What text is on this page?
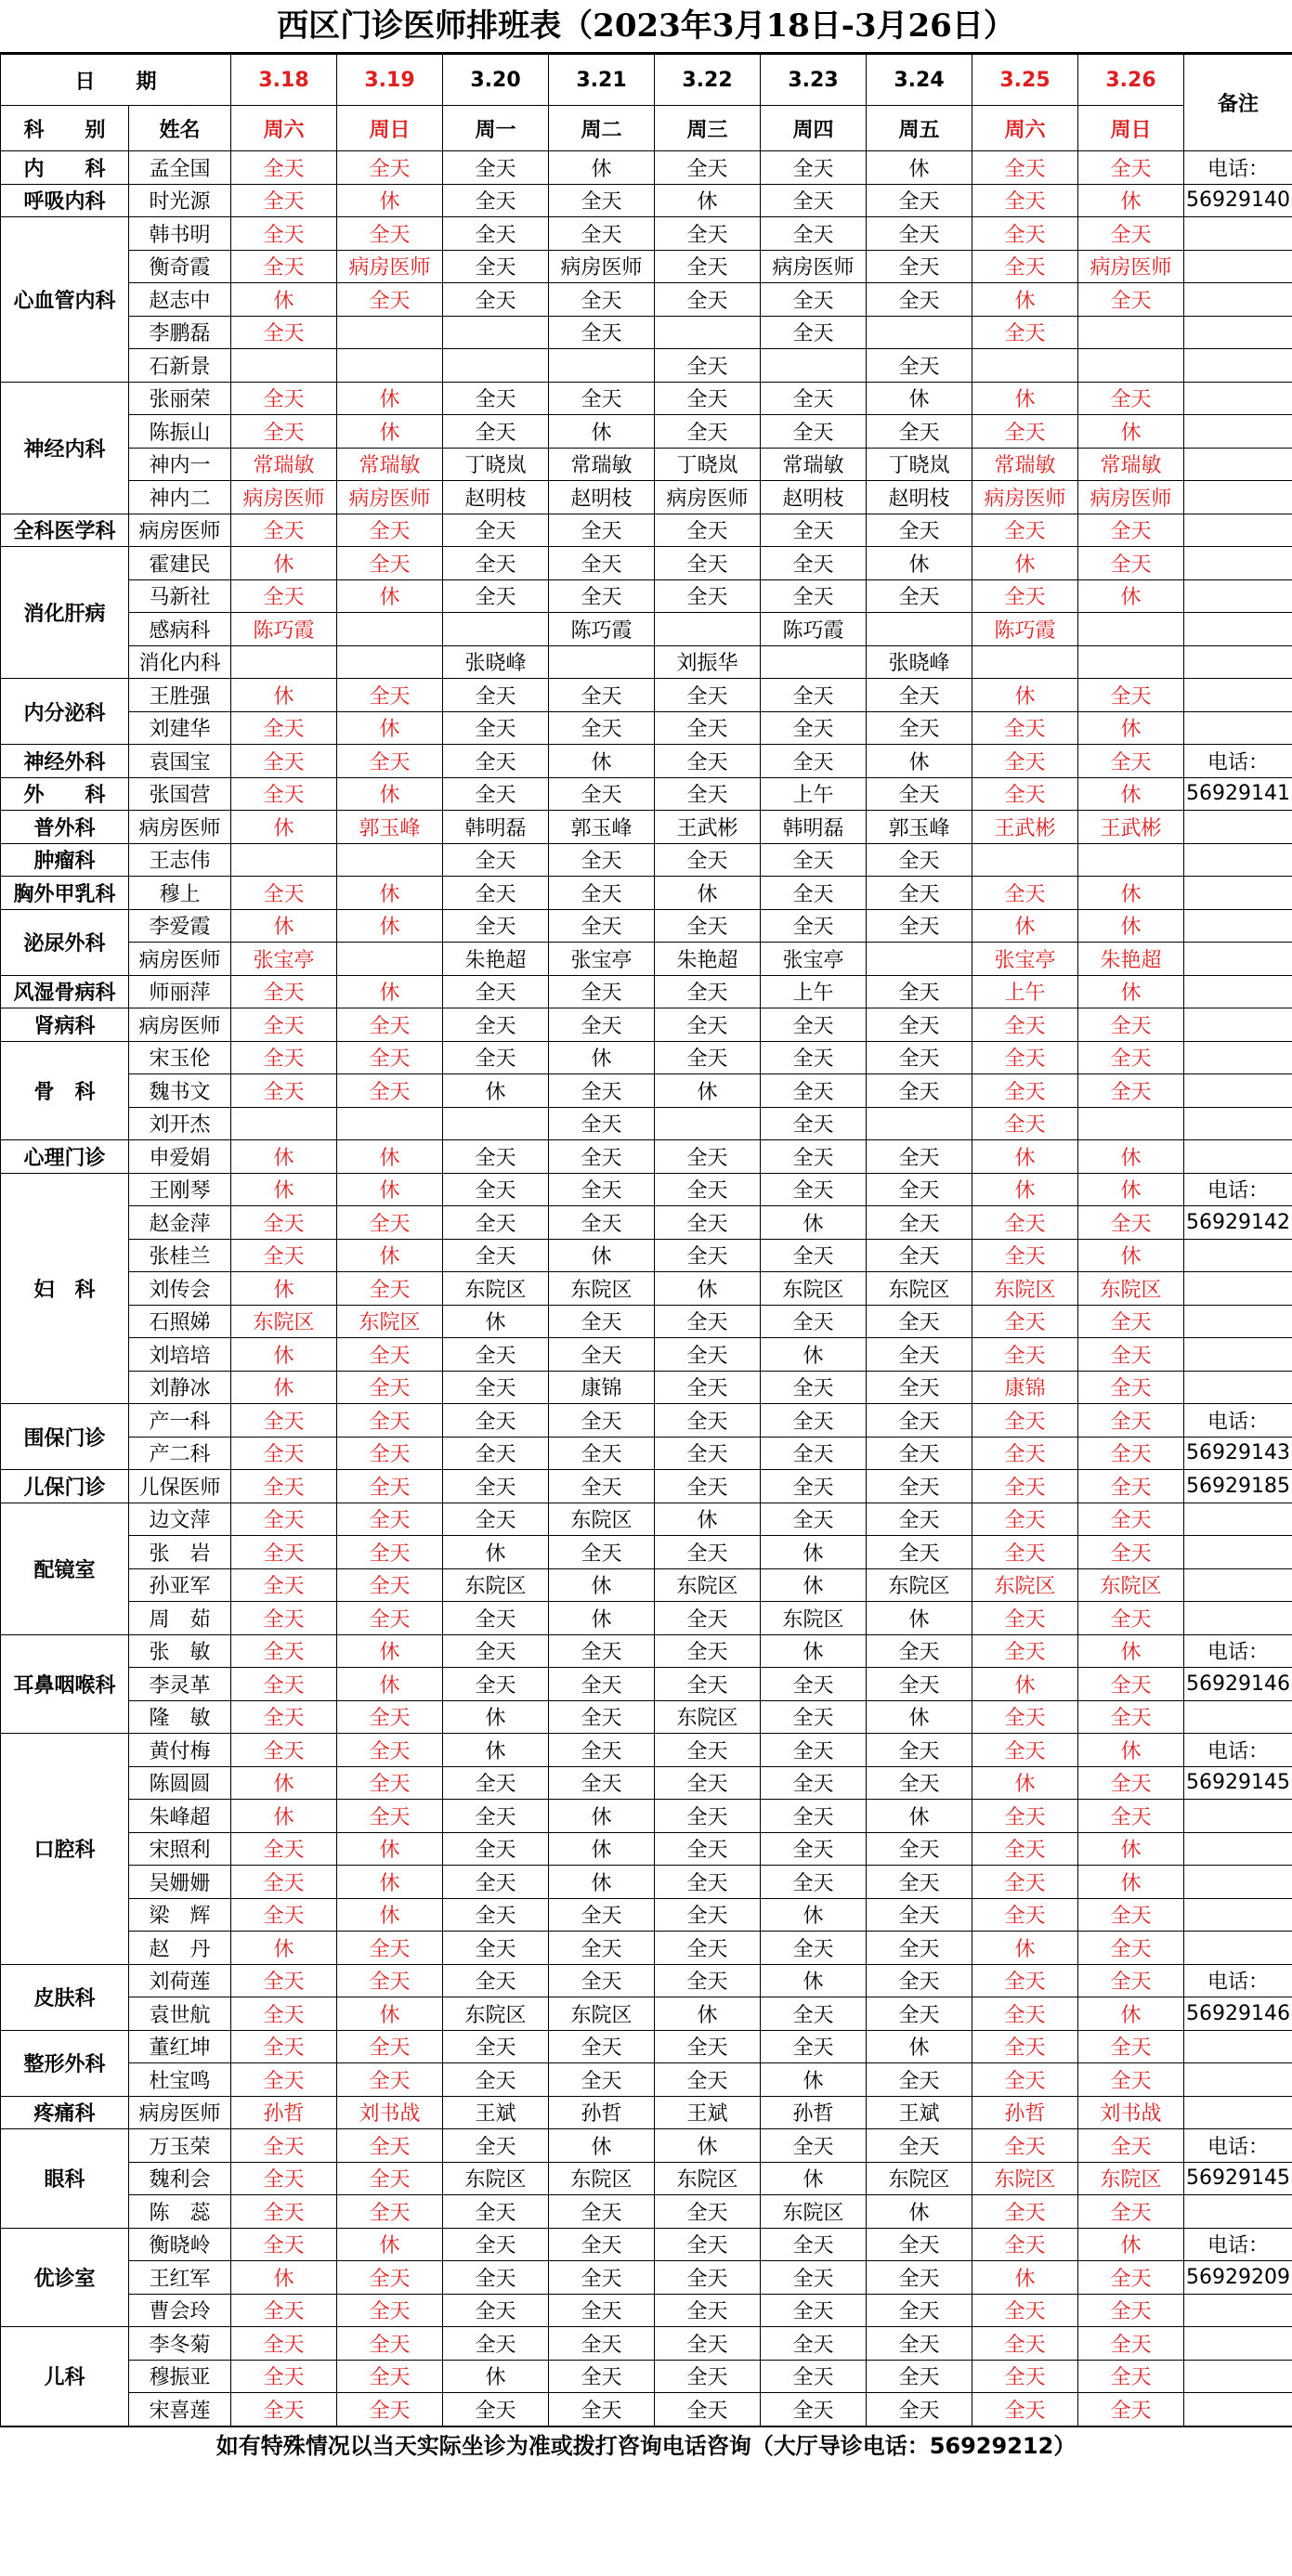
西区门诊医师排班表（2023年3月18日-3月26日）
日　　期		3.18	3.19	3.20	3.21	3.22	3.23	3.24	3.25	3.26	备注
科　　别	姓名	周六	周日	周一	周二	周三	周四	周五	周六	周日	
内　　科	孟全国	全天	全天	全天	休	全天	全天	休	全天	全天	电话：
呼吸内科	时光源	全天	休	全天	全天	休	全天	全天	全天	休	56929140
心血管内科	韩书明	全天	全天	全天	全天	全天	全天	全天	全天	全天	
	衡奇霞	全天	病房医师	全天	病房医师	全天	病房医师	全天	全天	病房医师	
	赵志中	休	全天	全天	全天	全天	全天	全天	休	全天	
	李鹏磊	全天			全天		全天		全天		
	石新景					全天		全天			
神经内科	张丽荣	全天	休	全天	全天	全天	全天	休	休	全天	
	陈振山	全天	休	全天	休	全天	全天	全天	全天	休	
	神内一	常瑞敏	常瑞敏	丁晓岚	常瑞敏	丁晓岚	常瑞敏	丁晓岚	常瑞敏	常瑞敏	
	神内二	病房医师	病房医师	赵明枝	赵明枝	病房医师	赵明枝	赵明枝	病房医师	病房医师	
全科医学科	病房医师	全天	全天	全天	全天	全天	全天	全天	全天	全天	
消化肝病	霍建民	休	全天	全天	全天	全天	全天	休	休	全天	
	马新社	全天	休	全天	全天	全天	全天	全天	全天	休	
	感病科	陈巧霞			陈巧霞		陈巧霞		陈巧霞		
	消化内科			张晓峰		刘振华		张晓峰			
内分泌科	王胜强	休	全天	全天	全天	全天	全天	全天	休	全天	
	刘建华	全天	休	全天	全天	全天	全天	全天	全天	休	
神经外科	袁国宝	全天	全天	全天	休	全天	全天	休	全天	全天	电话：
外　　科	张国营	全天	休	全天	全天	全天	上午	全天	全天	休	56929141
普外科	病房医师	休	郭玉峰	韩明磊	郭玉峰	王武彬	韩明磊	郭玉峰	王武彬	王武彬	
肿瘤科	王志伟			全天	全天	全天	全天	全天			
胸外甲乳科	穆上	全天	休	全天	全天	休	全天	全天	全天	休	
泌尿外科	李爱霞	休	休	全天	全天	全天	全天	全天	休	休	
	病房医师	张宝亭		朱艳超	张宝亭	朱艳超	张宝亭		张宝亭	朱艳超	
风湿骨病科	师丽萍	全天	休	全天	全天	全天	上午	全天	上午	休	
肾病科	病房医师	全天	全天	全天	全天	全天	全天	全天	全天	全天	
骨　科	宋玉伦	全天	全天	全天	休	全天	全天	全天	全天	全天	
	魏书文	全天	全天	休	全天	休	全天	全天	全天	全天	
	刘开杰				全天		全天		全天		
心理门诊	申爱娟	休	休	全天	全天	全天	全天	全天	休	休	
妇　科	王刚琴	休	休	全天	全天	全天	全天	全天	休	休	电话：
	赵金萍	全天	全天	全天	全天	全天	休	全天	全天	全天	56929142
	张桂兰	全天	休	全天	休	全天	全天	全天	全天	休	
	刘传会	休	全天	东院区	东院区	休	东院区	东院区	东院区	东院区	
	石照娣	东院区	东院区	休	全天	全天	全天	全天	全天	全天	
	刘培培	休	全天	全天	全天	全天	休	全天	全天	全天	
	刘静冰	休	全天	全天	康锦	全天	全天	全天	康锦	全天	
围保门诊	产一科	全天	全天	全天	全天	全天	全天	全天	全天	全天	电话：
	产二科	全天	全天	全天	全天	全天	全天	全天	全天	全天	56929143
儿保门诊	儿保医师	全天	全天	全天	全天	全天	全天	全天	全天	全天	56929185
配镜室	边文萍	全天	全天	全天	东院区	休	全天	全天	全天	全天	
	张　岩	全天	全天	休	全天	全天	休	全天	全天	全天	
	孙亚军	全天	全天	东院区	休	东院区	休	东院区	东院区	东院区	
	周　茹	全天	全天	全天	休	全天	东院区	休	全天	全天	
耳鼻咽喉科	张　敏	全天	休	全天	全天	全天	休	全天	全天	休	电话：
	李灵革	全天	休	全天	全天	全天	全天	全天	休	全天	56929146
	隆　敏	全天	全天	休	全天	东院区	全天	休	全天	全天	
口腔科	黄付梅	全天	全天	休	全天	全天	全天	全天	全天	休	电话：
	陈圆圆	休	全天	全天	全天	全天	全天	全天	休	全天	56929145
	朱峰超	休	全天	全天	休	全天	全天	休	全天	全天	
	宋照利	全天	休	全天	休	全天	全天	全天	全天	休	
	吴姗姗	全天	休	全天	休	全天	全天	全天	全天	休	
	梁　辉	全天	休	全天	全天	全天	休	全天	全天	全天	
	赵　丹	休	全天	全天	全天	全天	全天	全天	休	全天	
皮肤科	刘荷莲	全天	全天	全天	全天	全天	休	全天	全天	全天	电话：
	袁世航	全天	休	东院区	东院区	休	全天	全天	全天	休	56929146
整形外科	董红坤	全天	全天	全天	全天	全天	全天	休	全天	全天	
	杜宝鸣	全天	全天	全天	全天	全天	休	全天	全天	全天	
疼痛科	病房医师	孙哲	刘书战	王斌	孙哲	王斌	孙哲	王斌	孙哲	刘书战	
眼科	万玉荣	全天	全天	全天	休	休	全天	全天	全天	全天	电话：
	魏利会	全天	全天	东院区	东院区	东院区	休	东院区	东院区	东院区	56929145
	陈　蕊	全天	全天	全天	全天	全天	东院区	休	全天	全天	
优诊室	衡晓岭	全天	休	全天	全天	全天	全天	全天	全天	休	电话：
	王红军	休	全天	全天	全天	全天	全天	全天	休	全天	56929209
	曹会玲	全天	全天	全天	全天	全天	全天	全天	全天	全天	
儿科	李冬菊	全天	全天	全天	全天	全天	全天	全天	全天	全天	
	穆振亚	全天	全天	休	全天	全天	全天	全天	全天	全天	
	宋喜莲	全天	全天	全天	全天	全天	全天	全天	全天	全天	
如有特殊情况以当天实际坐诊为准或拨打咨询电话咨询（大厅导诊电话：56929212）
